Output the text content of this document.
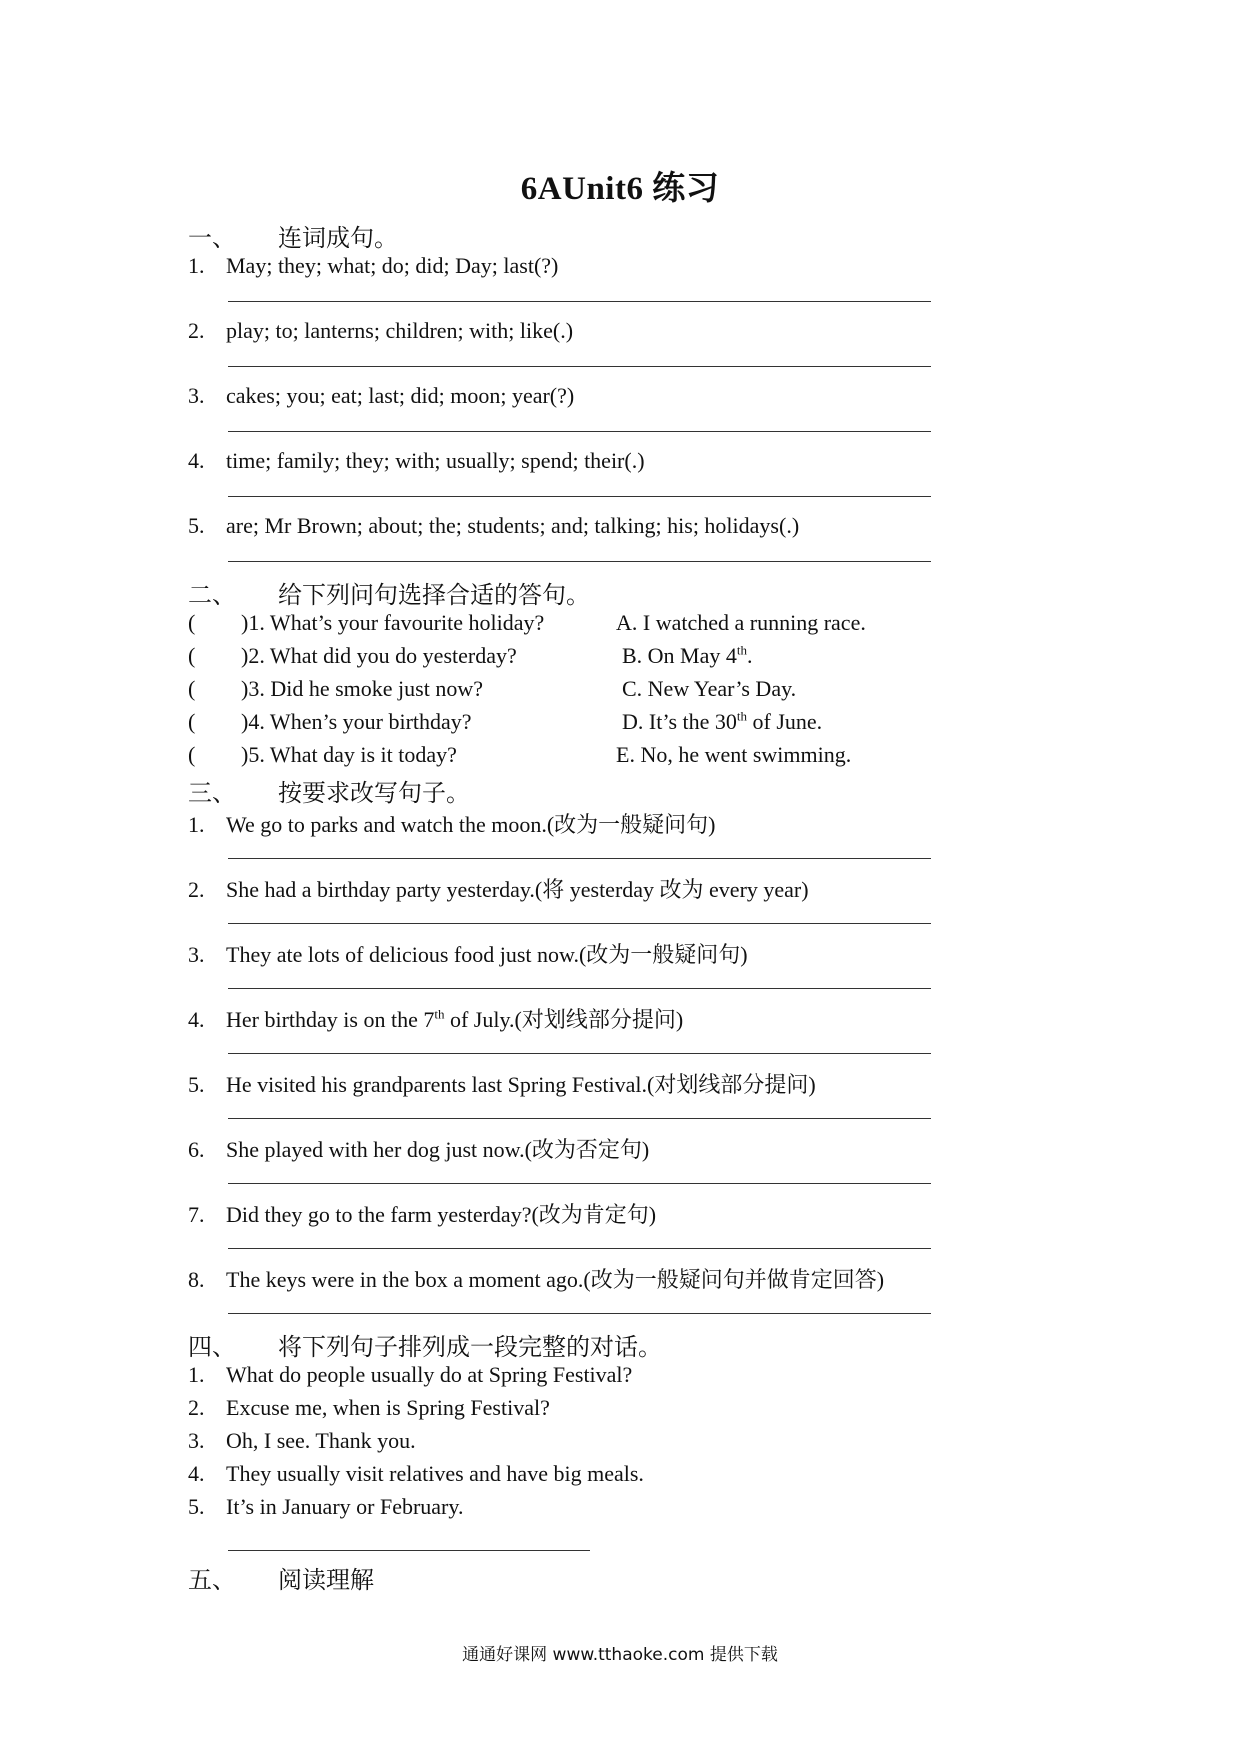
6AUnit6 练习
一、 连词成句。
1. May; they; what; do; did; Day; last(?)
2. play; to; lanterns; children; with; like(.)
3. cakes; you; eat; last; did; moon; year(?)
4. time; family; they; with; usually; spend; their(.)
5. are; Mr Brown; about; the; students; and; talking; his; holidays(.)
二、 给下列问句选择合适的答句。
( )1. What’s your favourite holiday?	A. I watched a running race.
( )2. What did you do yesterday?	B. On May 4th.
( )3. Did he smoke just now?	C. New Year’s Day.
( )4. When’s your birthday?	D. It’s the 30th of June.
( )5. What day is it today?	E. No, he went swimming.
三、 按要求改写句子。
1. We go to parks and watch the moon.(改为一般疑问句)
2. She had a birthday party yesterday.(将 yesterday 改为 every year)
3. They ate lots of delicious food just now.(改为一般疑问句)
4. Her birthday is on the 7th of July.(对划线部分提问)
5. He visited his grandparents last Spring Festival.(对划线部分提问)
6. She played with her dog just now.(改为否定句)
7. Did they go to the farm yesterday?(改为肯定句)
8. The keys were in the box a moment ago.(改为一般疑问句并做肯定回答)
四、 将下列句子排列成一段完整的对话。
1. What do people usually do at Spring Festival?
2. Excuse me, when is Spring Festival?
3. Oh, I see. Thank you.
4. They usually visit relatives and have big meals.
5. It’s in January or February.
五、 阅读理解
通通好课网 www.tthaoke.com 提供下载
